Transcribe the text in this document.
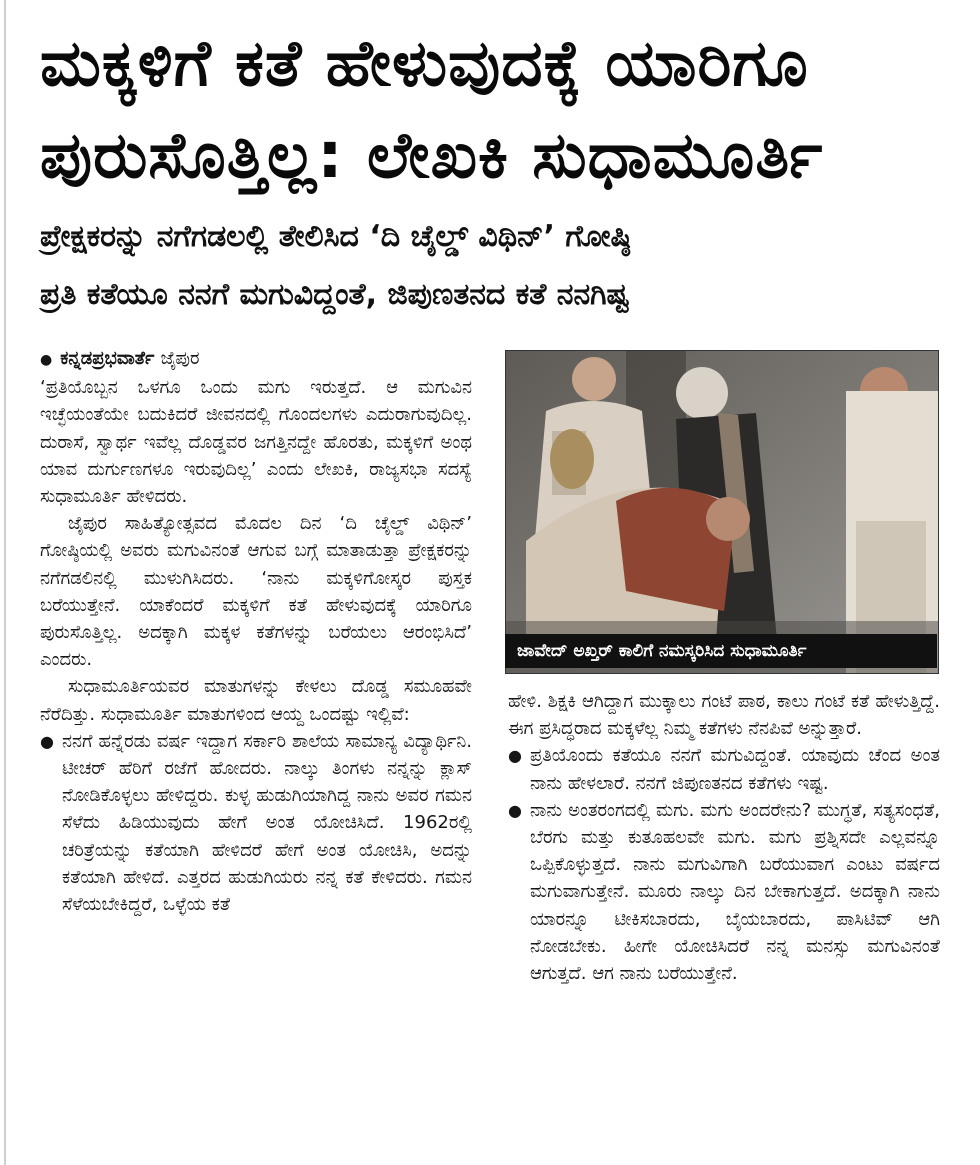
ಮಕ್ಕಳಿಗೆ ಕತೆ ಹೇಳುವುದಕ್ಕೆ ಯಾರಿಗೂ
ಪುರುಸೊತ್ತಿಲ್ಲ: ಲೇಖಕಿ ಸುಧಾಮೂರ್ತಿ
ಪ್ರೇಕ್ಷಕರನ್ನು ನಗೆಗಡಲಲ್ಲಿ ತೇಲಿಸಿದ ‘ದಿ ಚೈಲ್ಡ್ ವಿಥಿನ್’ ಗೋಷ್ಠಿ
ಪ್ರತಿ ಕತೆಯೂ ನನಗೆ ಮಗುವಿದ್ದಂತೆ, ಜಿಪುಣತನದ ಕತೆ ನನಗಿಷ್ಟ

● ಕನ್ನಡಪ್ರಭವಾರ್ತೆ ಜೈಪುರ

‘ಪ್ರತಿಯೊಬ್ಬನ ಒಳಗೂ ಒಂದು ಮಗು ಇರುತ್ತದೆ. ಆ ಮಗುವಿನ ಇಚ್ಛೆಯಂತೆಯೇ ಬದುಕಿದರೆ ಜೀವನದಲ್ಲಿ ಗೊಂದಲಗಳು ಎದುರಾಗುವುದಿಲ್ಲ. ದುರಾಸೆ, ಸ್ವಾರ್ಥ ಇವೆಲ್ಲ ದೊಡ್ಡವರ ಜಗತ್ತಿನದ್ದೇ ಹೊರತು, ಮಕ್ಕಳಿಗೆ ಅಂಥ ಯಾವ ದುರ್ಗುಣಗಳೂ ಇರುವುದಿಲ್ಲ’ ಎಂದು ಲೇಖಕಿ, ರಾಜ್ಯಸಭಾ ಸದಸ್ಯೆ ಸುಧಾಮೂರ್ತಿ ಹೇಳಿದರು.

ಜೈಪುರ ಸಾಹಿತ್ಯೋತ್ಸವದ ಮೊದಲ ದಿನ ‘ದಿ ಚೈಲ್ಡ್ ವಿಥಿನ್’ ಗೋಷ್ಠಿಯಲ್ಲಿ ಅವರು ಮಗುವಿನಂತೆ ಆಗುವ ಬಗ್ಗೆ ಮಾತಾಡುತ್ತಾ ಪ್ರೇಕ್ಷಕರನ್ನು ನಗೆಗಡಲಿನಲ್ಲಿ ಮುಳುಗಿಸಿದರು. ‘ನಾನು ಮಕ್ಕಳಿಗೋಸ್ಕರ ಪುಸ್ತಕ ಬರೆಯುತ್ತೇನೆ. ಯಾಕೆಂದರೆ ಮಕ್ಕಳಿಗೆ ಕತೆ ಹೇಳುವುದಕ್ಕೆ ಯಾರಿಗೂ ಪುರುಸೊತ್ತಿಲ್ಲ. ಅದಕ್ಕಾಗಿ ಮಕ್ಕಳ ಕತೆಗಳನ್ನು ಬರೆಯಲು ಆರಂಭಿಸಿದೆ’ ಎಂದರು.

ಸುಧಾಮೂರ್ತಿಯವರ ಮಾತುಗಳನ್ನು ಕೇಳಲು ದೊಡ್ಡ ಸಮೂಹವೇ ನೆರೆದಿತ್ತು. ಸುಧಾಮೂರ್ತಿ ಮಾತುಗಳಿಂದ ಆಯ್ದ ಒಂದಷ್ಟು ಇಲ್ಲಿವೆ:

● ನನಗೆ ಹನ್ನೆರಡು ವರ್ಷ ಇದ್ದಾಗ ಸರ್ಕಾರಿ ಶಾಲೆಯ ಸಾಮಾನ್ಯ ವಿದ್ಯಾರ್ಥಿನಿ. ಟೀಚರ್ ಹೆರಿಗೆ ರಜೆಗೆ ಹೋದರು. ನಾಲ್ಕು ತಿಂಗಳು ನನ್ನನ್ನು ಕ್ಲಾಸ್ ನೋಡಿಕೊಳ್ಳಲು ಹೇಳಿದ್ದರು. ಕುಳ್ಳ ಹುಡುಗಿಯಾಗಿದ್ದ ನಾನು ಅವರ ಗಮನ ಸೆಳೆದು ಹಿಡಿಯುವುದು ಹೇಗೆ ಅಂತ ಯೋಚಿಸಿದೆ. 1962ರಲ್ಲಿ ಚರಿತ್ರೆಯನ್ನು ಕತೆಯಾಗಿ ಹೇಳಿದರೆ ಹೇಗೆ ಅಂತ ಯೋಚಿಸಿ, ಅದನ್ನು ಕತೆಯಾಗಿ ಹೇಳಿದೆ. ಎತ್ತರದ ಹುಡುಗಿಯರು ನನ್ನ ಕತೆ ಕೇಳಿದರು. ಗಮನ ಸೆಳೆಯಬೇಕಿದ್ದರೆ, ಒಳ್ಳೆಯ ಕತೆ

ಜಾವೇದ್ ಅಖ್ತರ್ ಕಾಲಿಗೆ ನಮಸ್ಕರಿಸಿದ ಸುಧಾಮೂರ್ತಿ

ಹೇಳಿ. ಶಿಕ್ಷಕಿ ಆಗಿದ್ದಾಗ ಮುಕ್ಕಾಲು ಗಂಟೆ ಪಾಠ, ಕಾಲು ಗಂಟೆ ಕತೆ ಹೇಳುತ್ತಿದ್ದೆ. ಈಗ ಪ್ರಸಿದ್ಧರಾದ ಮಕ್ಕಳೆಲ್ಲ ನಿಮ್ಮ ಕತೆಗಳು ನೆನಪಿವೆ ಅನ್ನುತ್ತಾರೆ.

● ಪ್ರತಿಯೊಂದು ಕತೆಯೂ ನನಗೆ ಮಗುವಿದ್ದಂತೆ. ಯಾವುದು ಚೆಂದ ಅಂತ ನಾನು ಹೇಳಲಾರೆ. ನನಗೆ ಜಿಪುಣತನದ ಕತೆಗಳು ಇಷ್ಟ.

● ನಾನು ಅಂತರಂಗದಲ್ಲಿ ಮಗು. ಮಗು ಅಂದರೇನು? ಮುಗ್ಧತೆ, ಸತ್ಯಸಂಧತೆ, ಬೆರಗು ಮತ್ತು ಕುತೂಹಲವೇ ಮಗು. ಮಗು ಪ್ರಶ್ನಿಸದೇ ಎಲ್ಲವನ್ನೂ ಒಪ್ಪಿಕೊಳ್ಳುತ್ತದೆ. ನಾನು ಮಗುವಿಗಾಗಿ ಬರೆಯುವಾಗ ಎಂಟು ವರ್ಷದ ಮಗುವಾಗುತ್ತೇನೆ. ಮೂರು ನಾಲ್ಕು ದಿನ ಬೇಕಾಗುತ್ತದೆ. ಅದಕ್ಕಾಗಿ ನಾನು ಯಾರನ್ನೂ ಟೀಕಿಸಬಾರದು, ಬೈಯಬಾರದು, ಪಾಸಿಟಿವ್ ಆಗಿ ನೋಡಬೇಕು. ಹೀಗೇ ಯೋಚಿಸಿದರೆ ನನ್ನ ಮನಸ್ಸು ಮಗುವಿನಂತೆ ಆಗುತ್ತದೆ. ಆಗ ನಾನು ಬರೆಯುತ್ತೇನೆ.
